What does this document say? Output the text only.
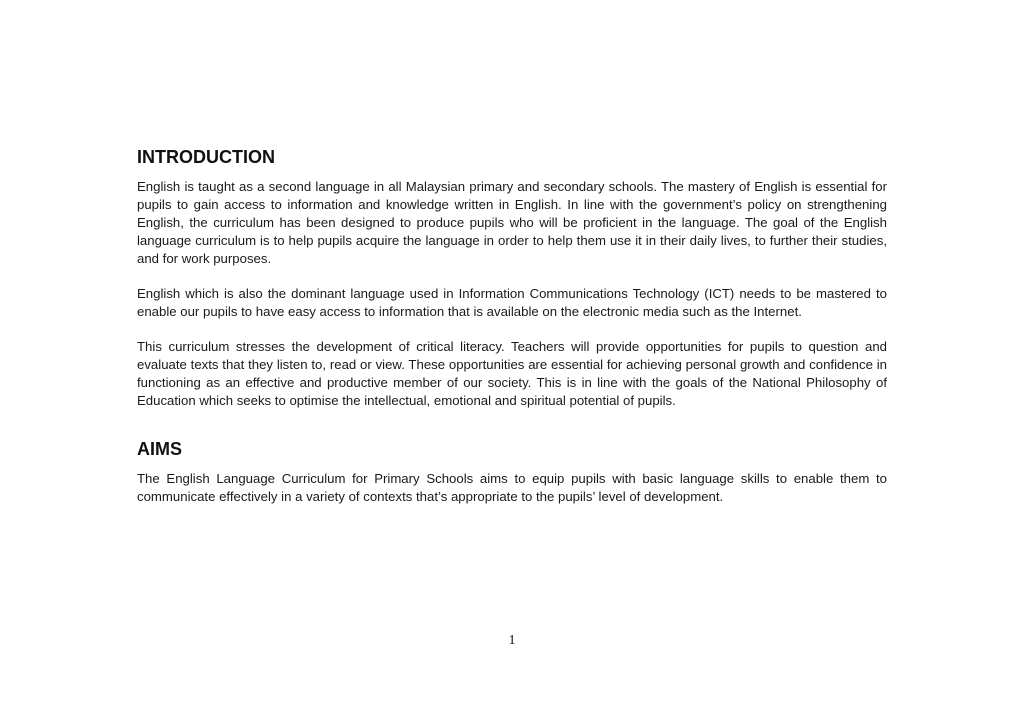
INTRODUCTION

English is taught as a second language in all Malaysian primary and secondary schools. The mastery of English is essential for pupils to gain access to information and knowledge written in English. In line with the government’s policy on strengthening English, the curriculum has been designed to produce pupils who will be proficient in the language. The goal of the English language curriculum is to help pupils acquire the language in order to help them use it in their daily lives, to further their studies, and for work purposes.

English which is also the dominant language used in Information Communications Technology (ICT) needs to be mastered to enable our pupils to have easy access to information that is available on the electronic media such as the Internet.

This curriculum stresses the development of critical literacy. Teachers will provide opportunities for pupils to question and evaluate texts that they listen to, read or view. These opportunities are essential for achieving personal growth and confidence in functioning as an effective and productive member of our society. This is in line with the goals of the National Philosophy of Education which seeks to optimise the intellectual, emotional and spiritual potential of pupils.

AIMS

The English Language Curriculum for Primary Schools aims to equip pupils with basic language skills to enable them to communicate effectively in a variety of contexts that’s appropriate to the pupils’ level of development.

1
